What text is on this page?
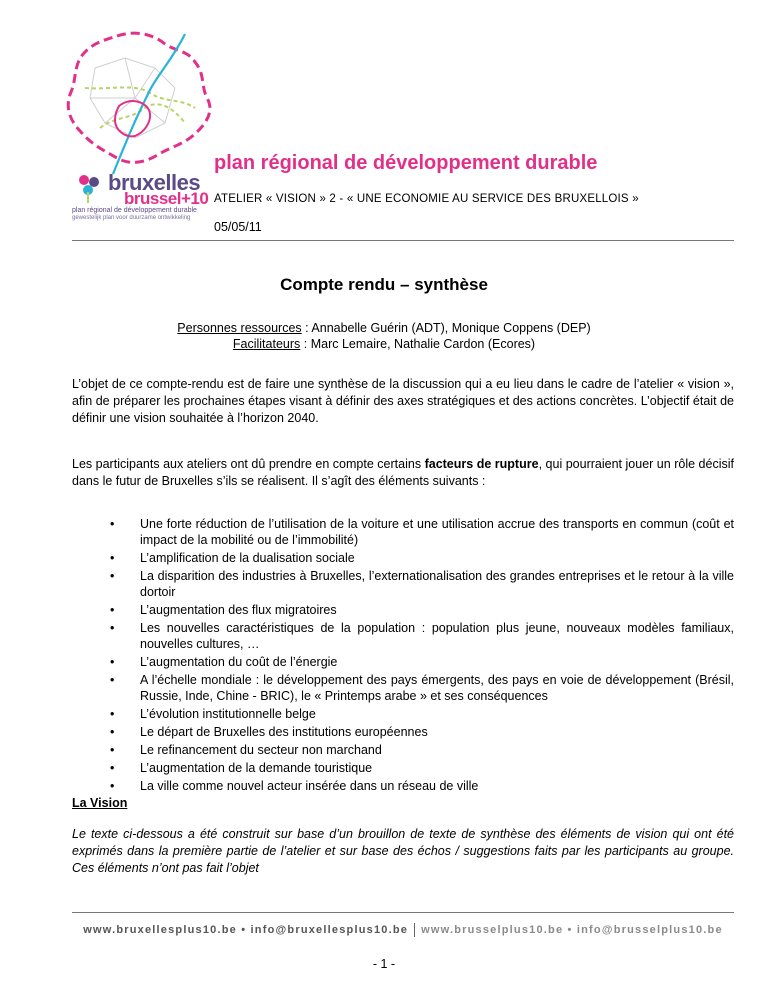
bruxelles
brussel+10
plan régional de développement durable
gewestelijk plan voor duurzame ontwikkeling
plan régional de développement durable
ATELIER « VISION » 2 - « UNE ECONOMIE AU SERVICE DES BRUXELLOIS »
05/05/11
Compte rendu – synthèse
Personnes ressources : Annabelle Guérin (ADT), Monique Coppens (DEP)
Facilitateurs : Marc Lemaire, Nathalie Cardon (Ecores)
L’objet de ce compte-rendu est de faire une synthèse de la discussion qui a eu lieu dans le cadre de l’atelier « vision », afin de préparer les prochaines étapes visant à définir des axes stratégiques et des actions concrètes. L’objectif était de définir une vision souhaitée à l’horizon 2040.
Les participants aux ateliers ont dû prendre en compte certains facteurs de rupture, qui pourraient jouer un rôle décisif dans le futur de Bruxelles s’ils se réalisent. Il s’agît des éléments suivants :
• Une forte réduction de l’utilisation de la voiture et une utilisation accrue des transports en commun (coût et impact de la mobilité ou de l’immobilité)
• L’amplification de la dualisation sociale
• La disparition des industries à Bruxelles, l’externationalisation des grandes entreprises et le retour à la ville dortoir
• L’augmentation des flux migratoires
• Les nouvelles caractéristiques de la population : population plus jeune, nouveaux modèles familiaux, nouvelles cultures, …
• L’augmentation du coût de l’énergie
• A l’échelle mondiale : le développement des pays émergents, des pays en voie de développement (Brésil, Russie, Inde, Chine - BRIC), le « Printemps arabe » et ses conséquences
• L’évolution institutionnelle belge
• Le départ de Bruxelles des institutions européennes
• Le refinancement du secteur non marchand
• L’augmentation de la demande touristique
• La ville comme nouvel acteur insérée dans un réseau de ville
La Vision
Le texte ci-dessous a été construit sur base d’un brouillon de texte de synthèse des éléments de vision qui ont été exprimés dans la première partie de l’atelier et sur base des échos / suggestions faits par les participants au groupe. Ces éléments n’ont pas fait l’objet
www.bruxellesplus10.be • info@bruxellesplus10.be www.brusselplus10.be • info@brusselplus10.be
- 1 -
